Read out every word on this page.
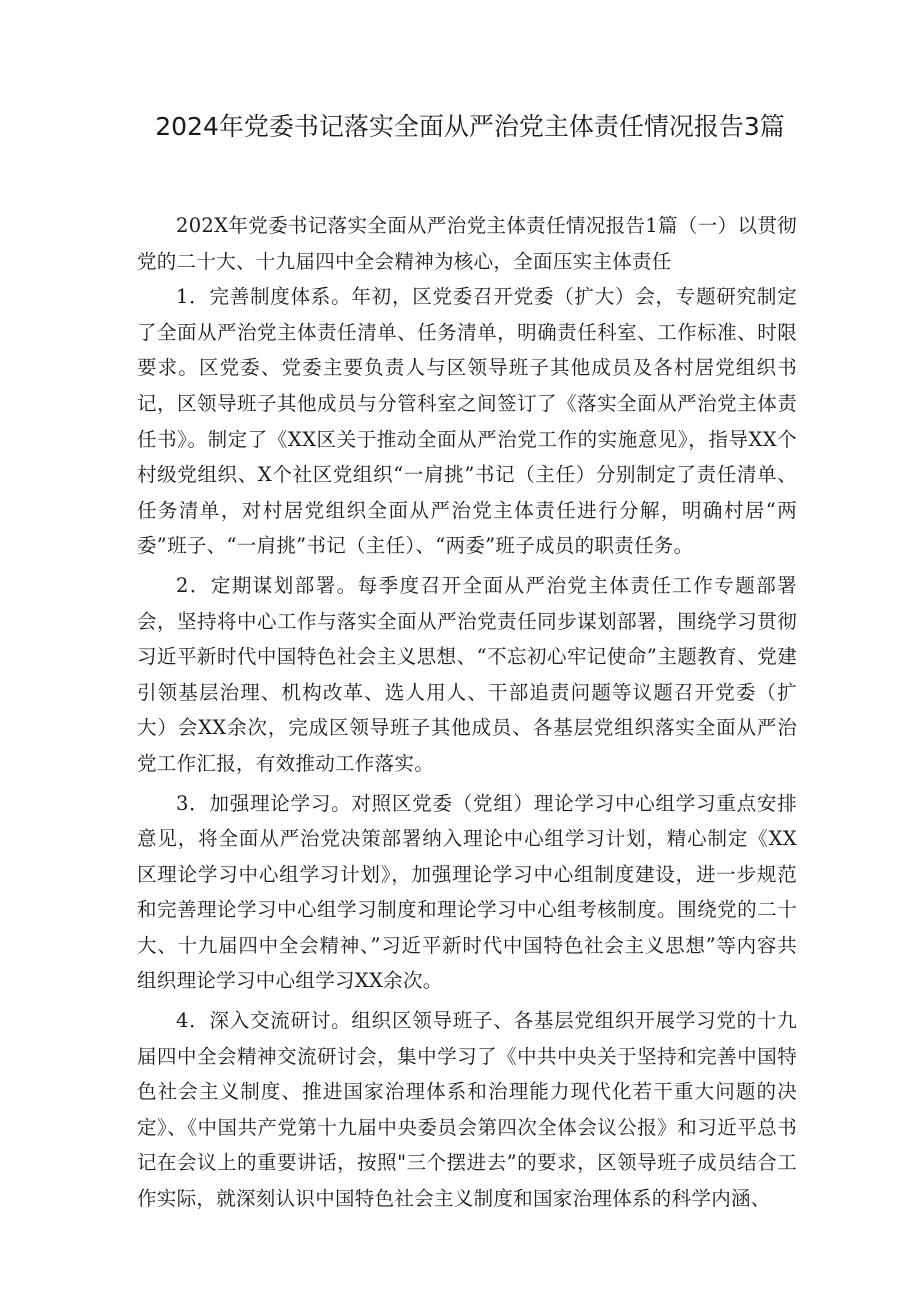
2024年党委书记落实全面从严治党主体责任情况报告3篇

202X年党委书记落实全面从严治党主体责任情况报告1篇（一）以贯彻党的二十大、十九届四中全会精神为核心，全面压实主体责任

1．完善制度体系。年初，区党委召开党委（扩大）会，专题研究制定了全面从严治党主体责任清单、任务清单，明确责任科室、工作标准、时限要求。区党委、党委主要负责人与区领导班子其他成员及各村居党组织书记，区领导班子其他成员与分管科室之间签订了《落实全面从严治党主体责任书》。制定了《XX区关于推动全面从严治党工作的实施意见》，指导XX个村级党组织、X个社区党组织“一肩挑”书记（主任）分别制定了责任清单、任务清单，对村居党组织全面从严治党主体责任进行分解，明确村居“两委”班子、“一肩挑”书记（主任）、“两委”班子成员的职责任务。

2．定期谋划部署。每季度召开全面从严治党主体责任工作专题部署会，坚持将中心工作与落实全面从严治党责任同步谋划部署，围绕学习贯彻习近平新时代中国特色社会主义思想、“不忘初心牢记使命”主题教育、党建引领基层治理、机构改革、选人用人、干部追责问题等议题召开党委（扩大）会XX余次，完成区领导班子其他成员、各基层党组织落实全面从严治党工作汇报，有效推动工作落实。

3．加强理论学习。对照区党委（党组）理论学习中心组学习重点安排意见，将全面从严治党决策部署纳入理论中心组学习计划，精心制定《XX区理论学习中心组学习计划》，加强理论学习中心组制度建设，进一步规范和完善理论学习中心组学习制度和理论学习中心组考核制度。围绕党的二十大、十九届四中全会精神、”习近平新时代中国特色社会主义思想”等内容共组织理论学习中心组学习XX余次。

4．深入交流研讨。组织区领导班子、各基层党组织开展学习党的十九届四中全会精神交流研讨会，集中学习了《中共中央关于坚持和完善中国特色社会主义制度、推进国家治理体系和治理能力现代化若干重大问题的决定》、《中国共产党第十九届中央委员会第四次全体会议公报》和习近平总书记在会议上的重要讲话，按照"三个摆进去”的要求，区领导班子成员结合工作实际，就深刻认识中国特色社会主义制度和国家治理体系的科学内涵、
